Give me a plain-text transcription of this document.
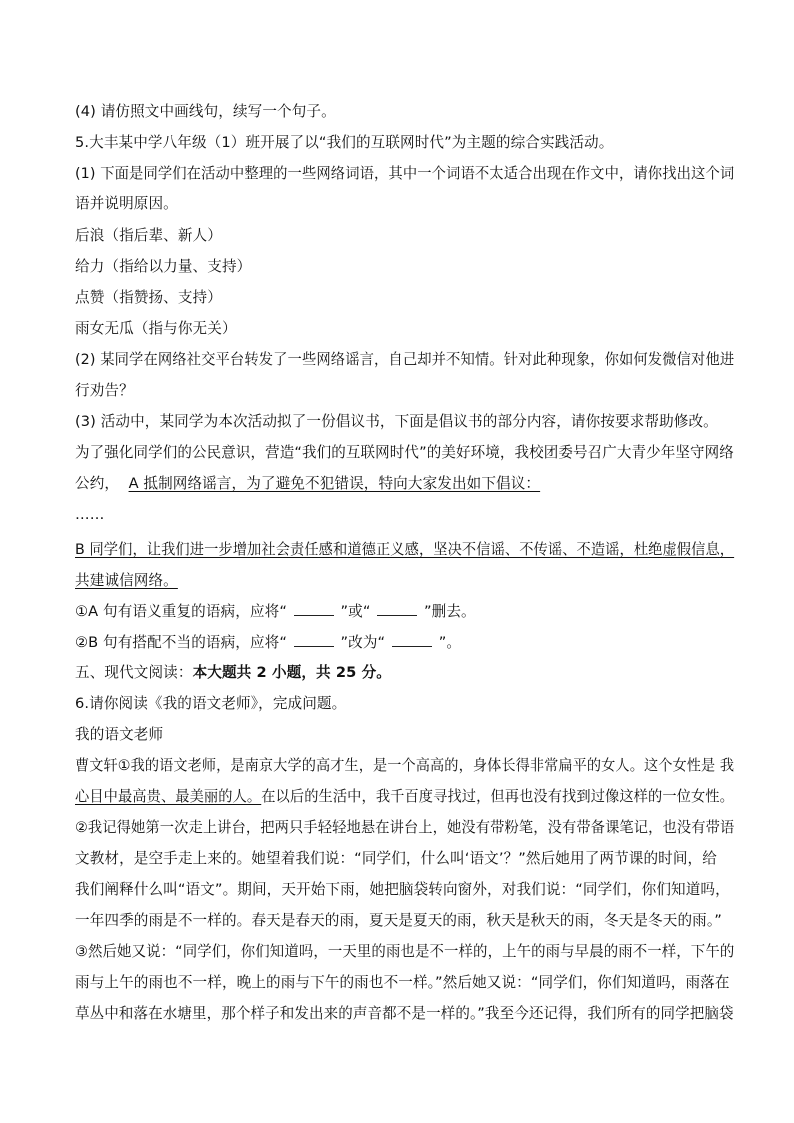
(4) 请仿照文中画线句，续写一个句子。
5.大丰某中学八年级（1）班开展了以“我们的互联网时代”为主题的综合实践活动。
(1) 下面是同学们在活动中整理的一些网络词语，其中一个词语不太适合出现在作文中，请你找出这个词
语并说明原因。
后浪（指后辈、新人）
给力（指给以力量、支持）
点赞（指赞扬、支持）
雨女无瓜（指与你无关）
(2) 某同学在网络社交平台转发了一些网络谣言，自己却并不知情。针对此种现象，你如何发微信对他进
行劝告？
(3) 活动中，某同学为本次活动拟了一份倡议书，下面是倡议书的部分内容，请你按要求帮助修改。
为了强化同学们的公民意识，营造“我们的互联网时代”的美好环境，我校团委号召广大青少年坚守网络
公约，  A 抵制网络谣言，为了避免不犯错误，特向大家发出如下倡议：
……
B 同学们，让我们进一步增加社会责任感和道德正义感，坚决不信谣、不传谣、不造谣，杜绝虚假信息，
共建诚信网络。
①A 句有语义重复的语病，应将“	”或“	”删去。
②B 句有搭配不当的语病，应将“	”改为“	”。
五、现代文阅读：本大题共 2 小题，共 25 分。
6.请你阅读《我的语文老师》，完成问题。
我的语文老师
曹文轩①我的语文老师，是南京大学的高才生，是一个高高的，身体长得非常扁平的女人。这个女性是 我
心目中最高贵、最美丽的人。在以后的生活中，我千百度寻找过，但再也没有找到过像这样的一位女性。
②我记得她第一次走上讲台，把两只手轻轻地悬在讲台上，她没有带粉笔，没有带备课笔记，也没有带语
文教材，是空手走上来的。她望着我们说：“同学们，什么叫‘语文’？”然后她用了两节课的时间，给
我们阐释什么叫“语文”。期间，天开始下雨，她把脑袋转向窗外，对我们说：“同学们，你们知道吗，
一年四季的雨是不一样的。春天是春天的雨，夏天是夏天的雨，秋天是秋天的雨，冬天是冬天的雨。”
③然后她又说：“同学们，你们知道吗，一天里的雨也是不一样的，上午的雨与早晨的雨不一样，下午的
雨与上午的雨也不一样，晚上的雨与下午的雨也不一样。”然后她又说：“同学们，你们知道吗，雨落在
草丛中和落在水塘里，那个样子和发出来的声音都不是一样的。”我至今还记得，我们所有的同学把脑袋
